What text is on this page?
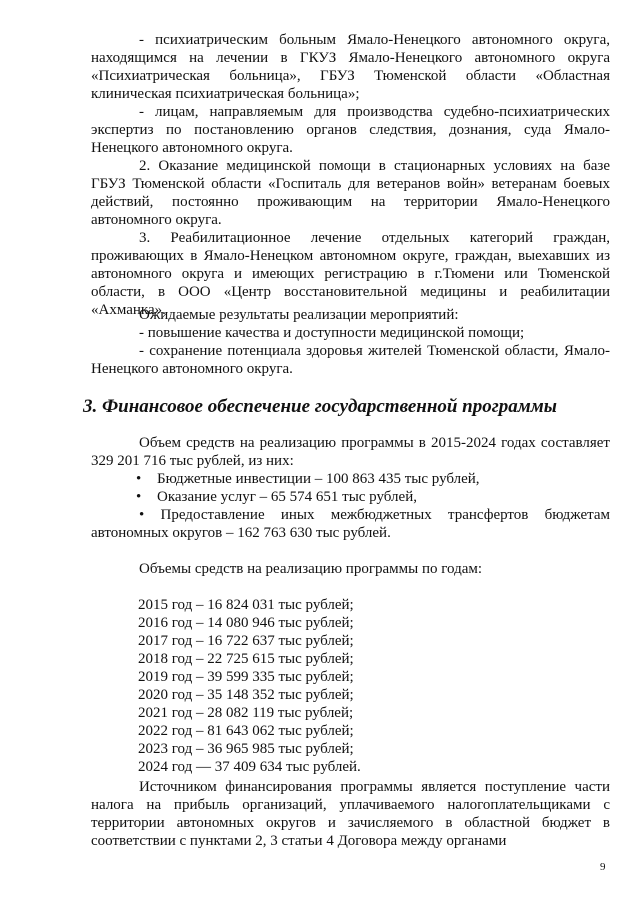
- психиатрическим больным Ямало-Ненецкого автономного округа, находящимся на лечении в ГКУЗ Ямало-Ненецкого автономного округа «Психиатрическая больница», ГБУЗ Тюменской области «Областная клиническая психиатрическая больница»;

- лицам, направляемым для производства судебно-психиатрических экспертиз по постановлению органов следствия, дознания, суда Ямало-Ненецкого автономного округа.

2. Оказание медицинской помощи в стационарных условиях на базе ГБУЗ Тюменской области «Госпиталь для ветеранов войн» ветеранам боевых действий, постоянно проживающим на территории Ямало-Ненецкого автономного округа.

3. Реабилитационное лечение отдельных категорий граждан, проживающих в Ямало-Ненецком автономном округе, граждан, выехавших из автономного округа и имеющих регистрацию в г.Тюмени или Тюменской области, в ООО «Центр восстановительной медицины и реабилитации «Ахманка».

Ожидаемые результаты реализации мероприятий:

- повышение качества и доступности медицинской помощи;

- сохранение потенциала здоровья жителей Тюменской области, Ямало-Ненецкого автономного округа.

3. Финансовое обеспечение государственной программы

Объем средств на реализацию программы в 2015-2024 годах составляет 329 201 716 тыс рублей, из них:

•	Бюджетные инвестиции – 100 863 435 тыс рублей,
•	Оказание услуг – 65 574 651 тыс рублей,

• Предоставление иных межбюджетных трансфертов бюджетам автономных округов – 162 763 630 тыс рублей.

Объемы средств на реализацию программы по годам:

2015 год – 16 824 031 тыс рублей;

2016 год – 14 080 946 тыс рублей;

2017 год – 16 722 637 тыс рублей;

2018 год – 22 725 615 тыс рублей;

2019 год – 39 599 335 тыс рублей;

2020 год – 35 148 352 тыс рублей;

2021 год – 28 082 119 тыс рублей;

2022 год – 81 643 062 тыс рублей;

2023 год – 36 965 985 тыс рублей;

2024 год — 37 409 634 тыс рублей.

Источником финансирования программы является поступление части налога на прибыль организаций, уплачиваемого налогоплательщиками с территории автономных округов и зачисляемого в областной бюджет в соответствии с пунктами 2, 3 статьи 4 Договора между органами

9
